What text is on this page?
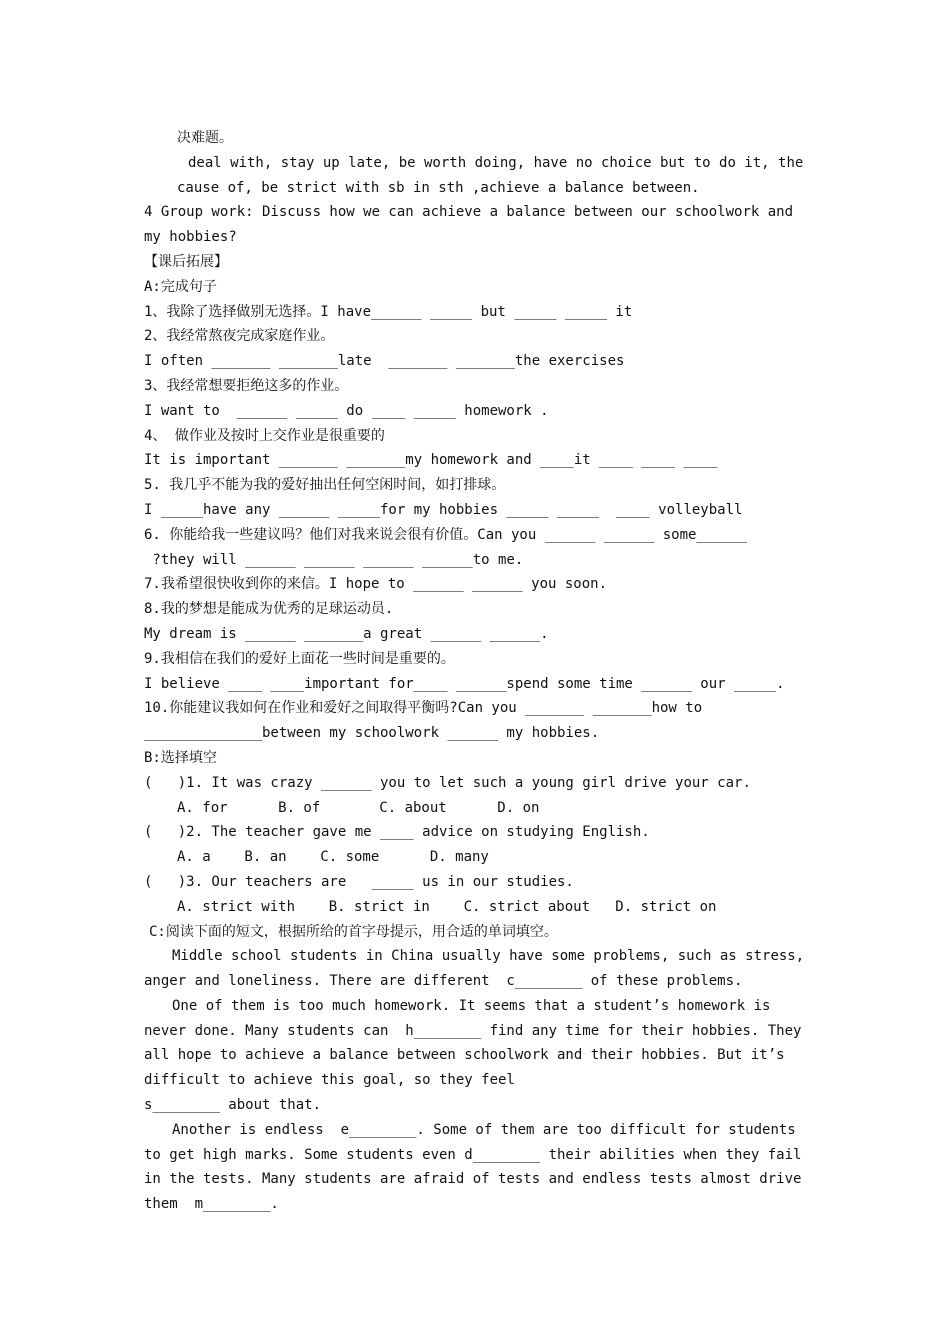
决难题。
deal with, stay up late, be worth doing, have no choice but to do it, the
cause of, be strict with sb in sth ,achieve a balance between.
4 Group work: Discuss how we can achieve a balance between our schoolwork and
my hobbies?
【课后拓展】
A:完成句子
1、我除了选择做别无选择。I have______ _____ but _____ _____ it
2、我经常熬夜完成家庭作业。
I often _______ _______late  _______ _______the exercises
3、我经常想要拒绝这多的作业。
I want to  ______ _____ do ____ _____ homework .
4、 做作业及按时上交作业是很重要的
It is important _______ _______my homework and ____it ____ ____ ____
5. 我几乎不能为我的爱好抽出任何空闲时间，如打排球。
I _____have any ______ _____for my hobbies _____ _____  ____ volleyball
6. 你能给我一些建议吗？他们对我来说会很有价值。Can you ______ ______ some______
?they will ______ ______ ______ ______to me.
7.我希望很快收到你的来信。I hope to ______ ______ you soon.
8.我的梦想是能成为优秀的足球运动员.
My dream is ______ _______a great ______ ______.
9.我相信在我们的爱好上面花一些时间是重要的。
I believe ____ ____important for____ ______spend some time ______ our _____.
10.你能建议我如何在作业和爱好之间取得平衡吗?Can you _______ _______how to
______________between my schoolwork ______ my hobbies.
B:选择填空
(   )1. It was crazy ______ you to let such a young girl drive your car.
A. for      B. of       C. about      D. on
(   )2. The teacher gave me ____ advice on studying English.
A. a    B. an    C. some      D. many
(   )3. Our teachers are   _____ us in our studies.
A. strict with    B. strict in    C. strict about   D. strict on
C:阅读下面的短文，根据所给的首字母提示，用合适的单词填空。
Middle school students in China usually have some problems, such as stress,
anger and loneliness. There are different  c________ of these problems.
One of them is too much homework. It seems that a student’s homework is
never done. Many students can  h________ find any time for their hobbies. They
all hope to achieve a balance between schoolwork and their hobbies. But it’s
difficult to achieve this goal, so they feel
s________ about that.
Another is endless  e________. Some of them are too difficult for students
to get high marks. Some students even d________ their abilities when they fail
in the tests. Many students are afraid of tests and endless tests almost drive
them  m________.
